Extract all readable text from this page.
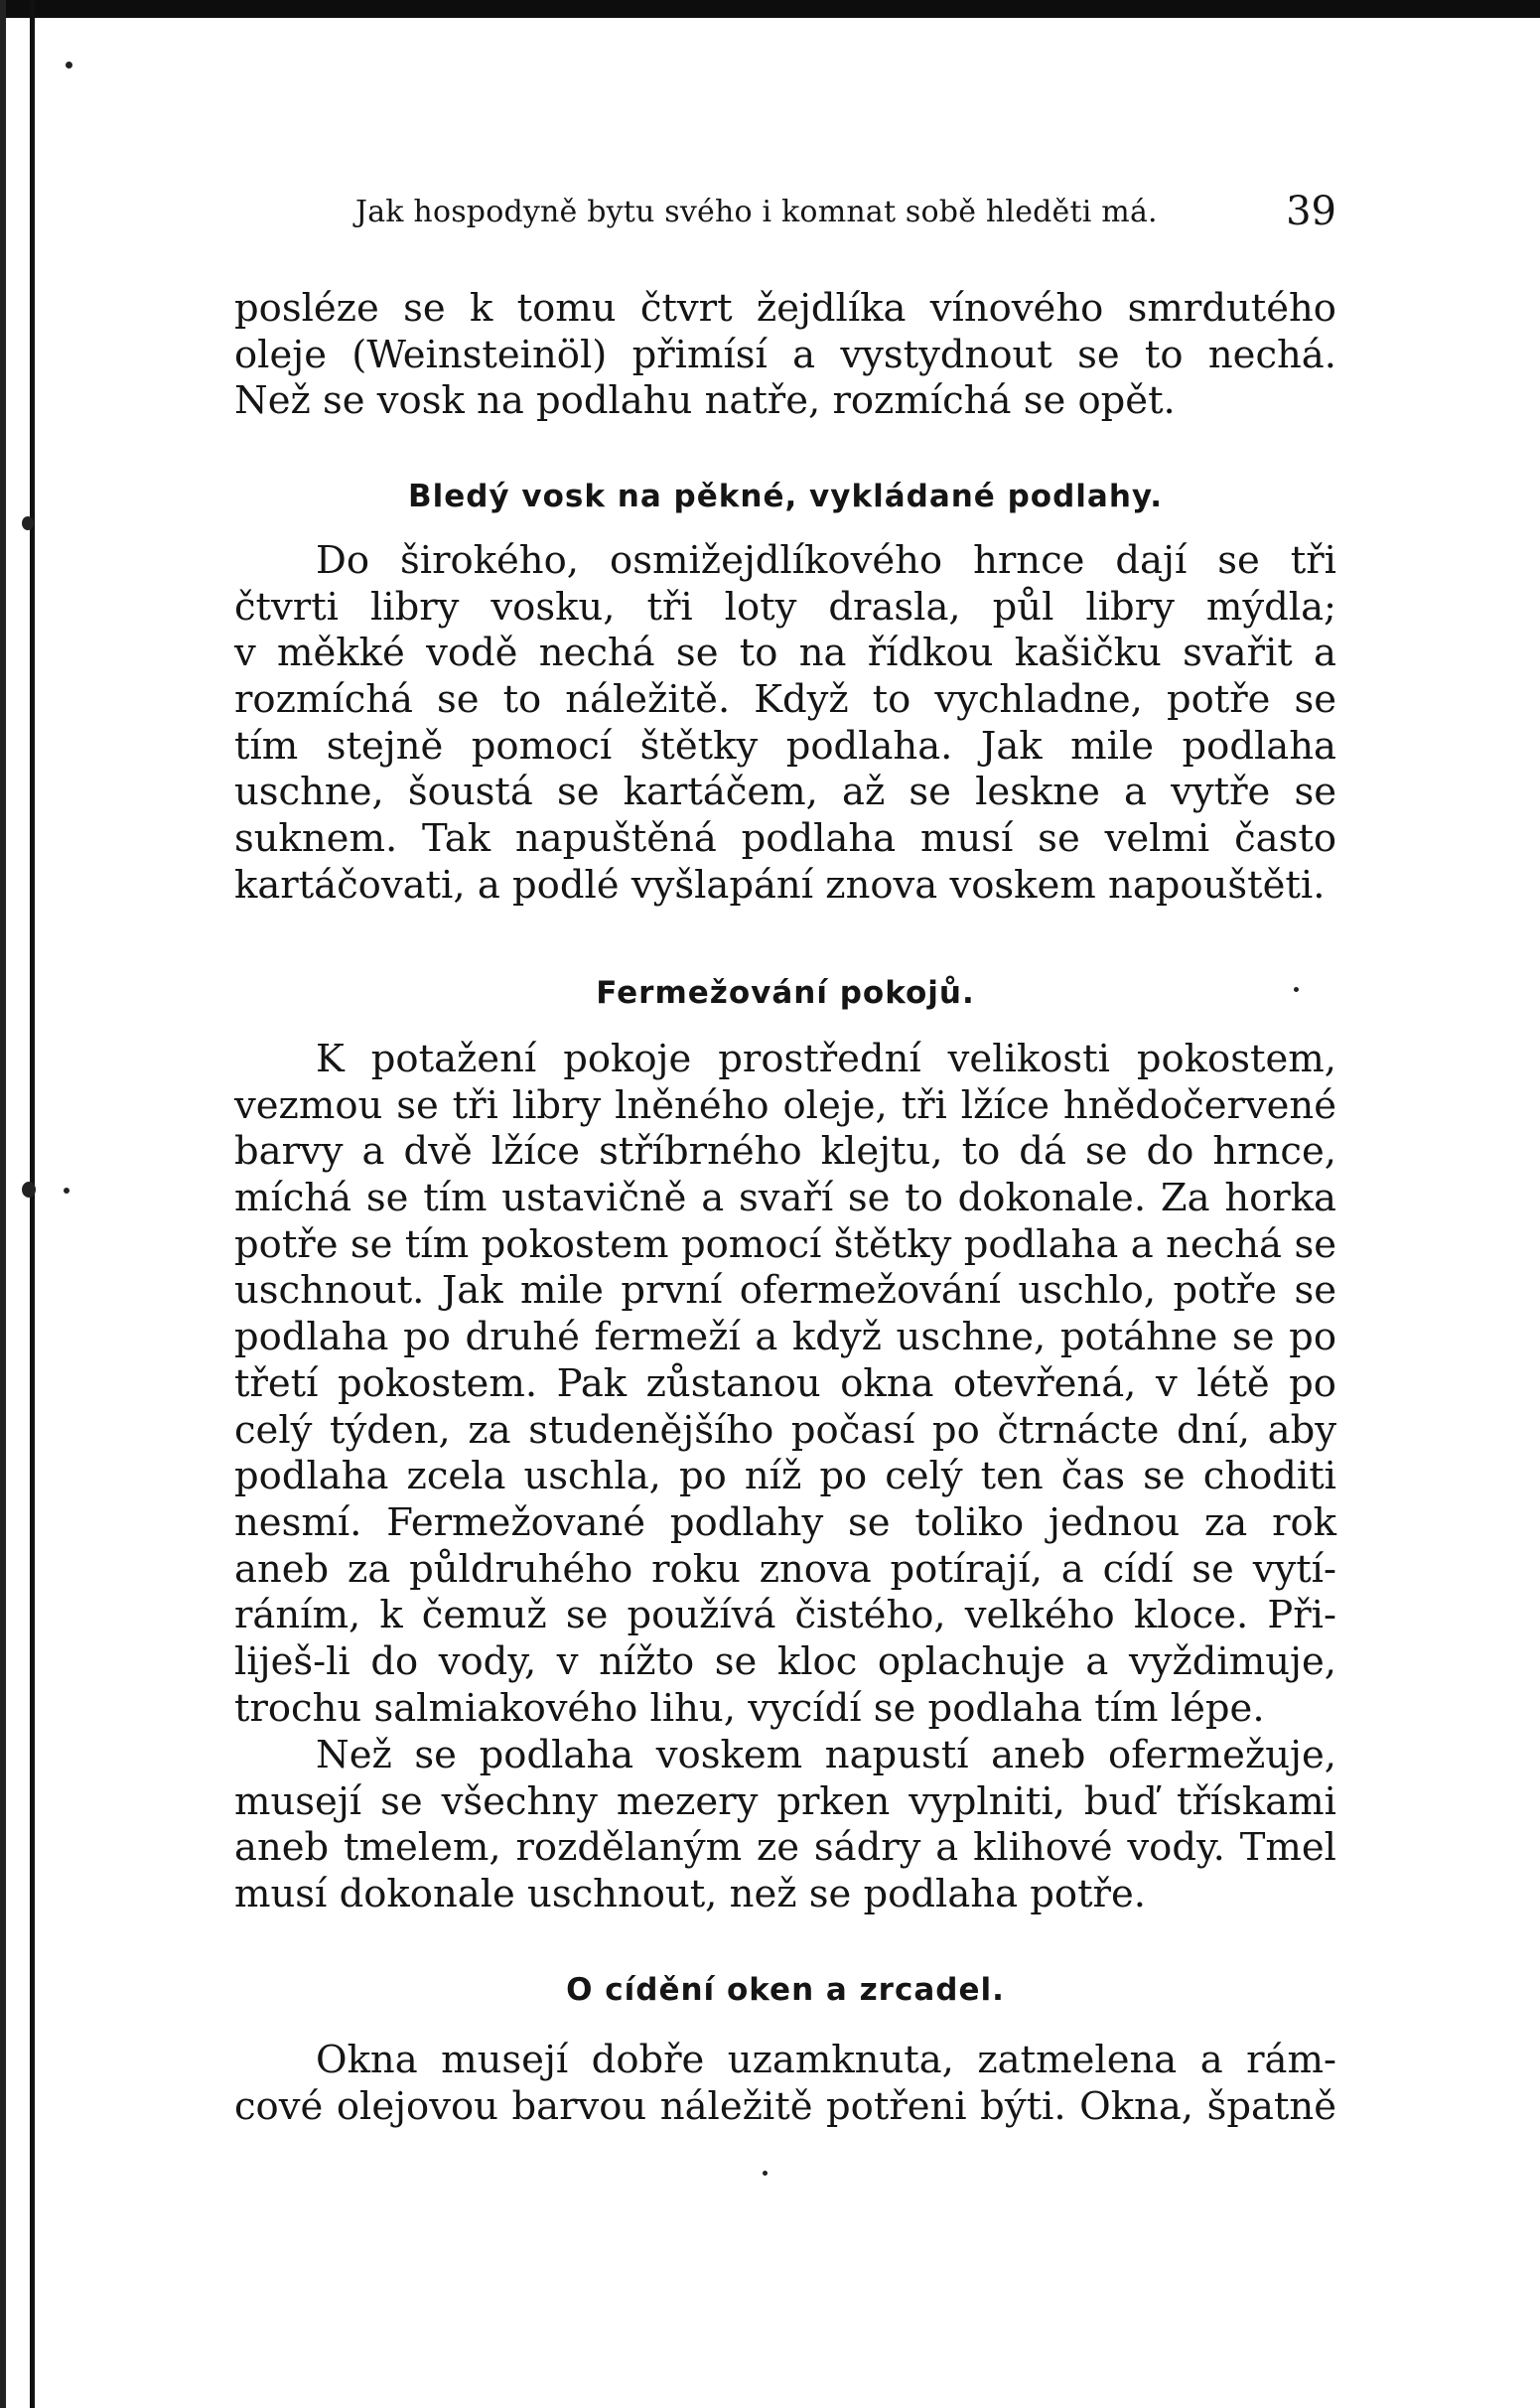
Jak hospodyně bytu svého i komnat sobě hleděti má.	39
posléze se k tomu čtvrt žejdlíka vínového smrdutého
oleje (Weinsteinöl) přimísí a vystydnout se to nechá.
Než se vosk na podlahu natře, rozmíchá se opět.
Bledý vosk na pěkné, vykládané podlahy.
Do širokého, osmižejdlíkového hrnce dají se tři
čtvrti libry vosku, tři loty drasla, půl libry mýdla;
v měkké vodě nechá se to na řídkou kašičku svařit a
rozmíchá se to náležitě. Když to vychladne, potře se
tím stejně pomocí štětky podlaha. Jak mile podlaha
uschne, šoustá se kartáčem, až se leskne a vytře se
suknem. Tak napuštěná podlaha musí se velmi často
kartáčovati, a podlé vyšlapání znova voskem napouštěti.
Fermežování pokojů.
K potažení pokoje prostřední velikosti pokostem,
vezmou se tři libry lněného oleje, tři lžíce hnědočervené
barvy a dvě lžíce stříbrného klejtu, to dá se do hrnce,
míchá se tím ustavičně a svaří se to dokonale. Za horka
potře se tím pokostem pomocí štětky podlaha a nechá se
uschnout. Jak mile první ofermežování uschlo, potře se
podlaha po druhé fermeží a když uschne, potáhne se po
třetí pokostem. Pak zůstanou okna otevřená, v létě po
celý týden, za studenějšího počasí po čtrnácte dní, aby
podlaha zcela uschla, po níž po celý ten čas se choditi
nesmí. Fermežované podlahy se toliko jednou za rok
aneb za půldruhého roku znova potírají, a cídí se vytí-
ráním, k čemuž se používá čistého, velkého kloce. Při-
liješ-li do vody, v nížto se kloc oplachuje a vyždimuje,
trochu salmiakového lihu, vycídí se podlaha tím lépe.
Než se podlaha voskem napustí aneb ofermežuje,
musejí se všechny mezery prken vyplniti, buď třískami
aneb tmelem, rozdělaným ze sádry a klihové vody. Tmel
musí dokonale uschnout, než se podlaha potře.
O cídění oken a zrcadel.
Okna musejí dobře uzamknuta, zatmelena a rám-
cové olejovou barvou náležitě potřeni býti. Okna, špatně
